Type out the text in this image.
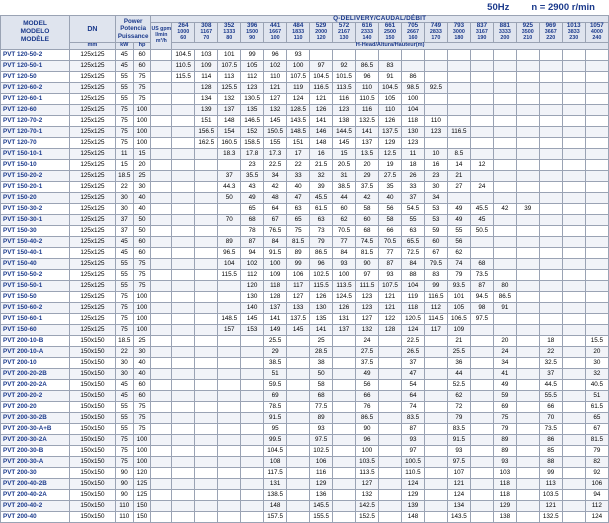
50Hz n = 2900 r/min
MODEL
MODELO
MODÈLE
	DN	
Power
Potencia
Puissance
	Q-DELIVERY/CAUDAL/DÉBIT

US gpm
l/min
m³/h
	264
1000
60
	308
1167
70
	352
1333
80
	396
1500
90
	441
1667
100
	484
1833
110
	529
2000
120
	572
2167
130
	616
2333
140
	661
2500
150
	705
2667
160
	749
2833
170
	793
3000
180
	837
3167
190
	881
3333
200
	925
3500
210
	969
3667
220
	1013
3833
230
	1057
4000
240

	mm	kW	hp		H-Head/Altura/Hauteur(m)																		
PVT 120-50-2	125x125	45	60		104.5	103	101	99	96	93													
PVT 120-50-1	125x125	45	60		110.5	109	107.5	105	102	100	97	92	86.5	83									
PVT 120-50	125x125	55	75		115.5	114	113	112	110	107.5	104.5	101.5	96	91	86								
PVT 120-60-2	125x125	55	75			128	125.5	123	121	119	116.5	113.5	110	104.5	98.5	92.5							
PVT 120-60-1	125x125	55	75			134	132	130.5	127	124	121	116	110.5	105	100								
PVT 120-60	125x125	75	100			139	137	135	132	128.5	126	123	116	110	104								
PVT 120-70-2	125x125	75	100			151	148	146.5	145	143.5	141	138	132.5	126	118	110							
PVT 120-70-1	125x125	75	100			156.5	154	152	150.5	148.5	146	144.5	141	137.5	130	123	116.5						
PVT 120-70	125x125	75	100			162.5	160.5	158.5	155	151	148	145	137	129	123								
PVT 150-10-1	125x125	11	15				18.3	17.8	17.3	17	16	15	13.5	12.5	11	10	8.5						
PVT 150-10	125x125	15	20					23	22.5	22	21.5	20.5	20	19	18	16	14	12					
PVT 150-20-2	125x125	18.5	25				37	35.5	34	33	32	31	29	27.5	26	23	21						
PVT 150-20-1	125x125	22	30				44.3	43	42	40	39	38.5	37.5	35	33	30	27	24					
PVT 150-20	125x125	30	40				50	49	48	47	45.5	44	42	40	37	34							
PVT 150-30-2	125x125	30	40					65	64	63	61.5	60	58	56	54.5	53	49	45.5	42	39			
PVT 150-30-1	125x125	37	50				70	68	67	65	63	62	60	58	55	53	49	45					
PVT 150-30	125x125	37	50					78	76.5	75	73	70.5	68	66	63	59	55	50.5					
PVT 150-40-2	125x125	45	60				89	87	84	81.5	79	77	74.5	70.5	65.5	60	56						
PVT 150-40-1	125x125	45	60				96.5	94	91.5	89	86.5	84	81.5	77	72.5	67	62						
PVT 150-40	125x125	55	75				104	102	100	99	96	93	90	87	84	79.5	74	68					
PVT 150-50-2	125x125	55	75				115.5	112	109	106	102.5	100	97	93	88	83	79	73.5					
PVT 150-50-1	125x125	55	75					120	118	117	115.5	113.5	111.5	107.5	104	99	93.5	87	80				
PVT 150-50	125x125	75	100					130	128	127	126	124.5	123	121	119	116.5	101	94.5	86.5				
PVT 150-60-2	125x125	75	100					140	137	133	130	126	123	121	118	112	105	98	91				
PVT 150-60-1	125x125	75	100				148.5	145	141	137.5	135	131	127	122	120.5	114.5	106.5	97.5					
PVT 150-60	125x125	75	100				157	153	149	145	141	137	132	128	124	117	109						
PVT 200-10-B	150x150	18.5	25						25.5		25		24		22.5		21		20		18		15.5
PVT 200-10-A	150x150	22	30						29		28.5		27.5		26.5		25.5		24		22		20
PVT 200-10	150x150	30	40						38.5		38		37.5		37		36		34		32.5		30
PVT 200-20-2B	150x150	30	40						51		50		49		47		44		41		37		32
PVT 200-20-2A	150x150	45	60						59.5		58		56		54		52.5		49		44.5		40.5
PVT 200-20-2	150x150	45	60						69		68		66		64		62		59		55.5		51
PVT 200-20	150x150	55	75						78.5		77.5		76		74		72		69		66		61.5
PVT 200-30-2B	150x150	55	75						91.5		89		86.5		83.5		79		75		70		65
PVT 200-30-A+B	150x150	55	75						95		93		90		87		83.5		79		73.5		67
PVT 200-30-2A	150x150	75	100						99.5		97.5		96		93		91.5		89		86		81.5
PVT 200-30-B	150x150	75	100						104.5		102.5		100		97		93		89		85		79
PVT 200-30-A	150x150	75	100						108		106		103.5		100.5		97.5		93		88		82
PVT 200-30	150x150	90	120						117.5		116		113.5		110.5		107		103		99		92
PVT 200-40-2B	150x150	90	125						131		129		127		124		121		118		113		106
PVT 200-40-2A	150x150	90	125						138.5		136		132		129		124		118		103.5		94
PVT 200-40-2	150x150	110	150						148		145.5		142.5		139		134		129		121		112
PVT 200-40	150x150	110	150						157.5		155.5		152.5		148		143.5		138		132.5		124
